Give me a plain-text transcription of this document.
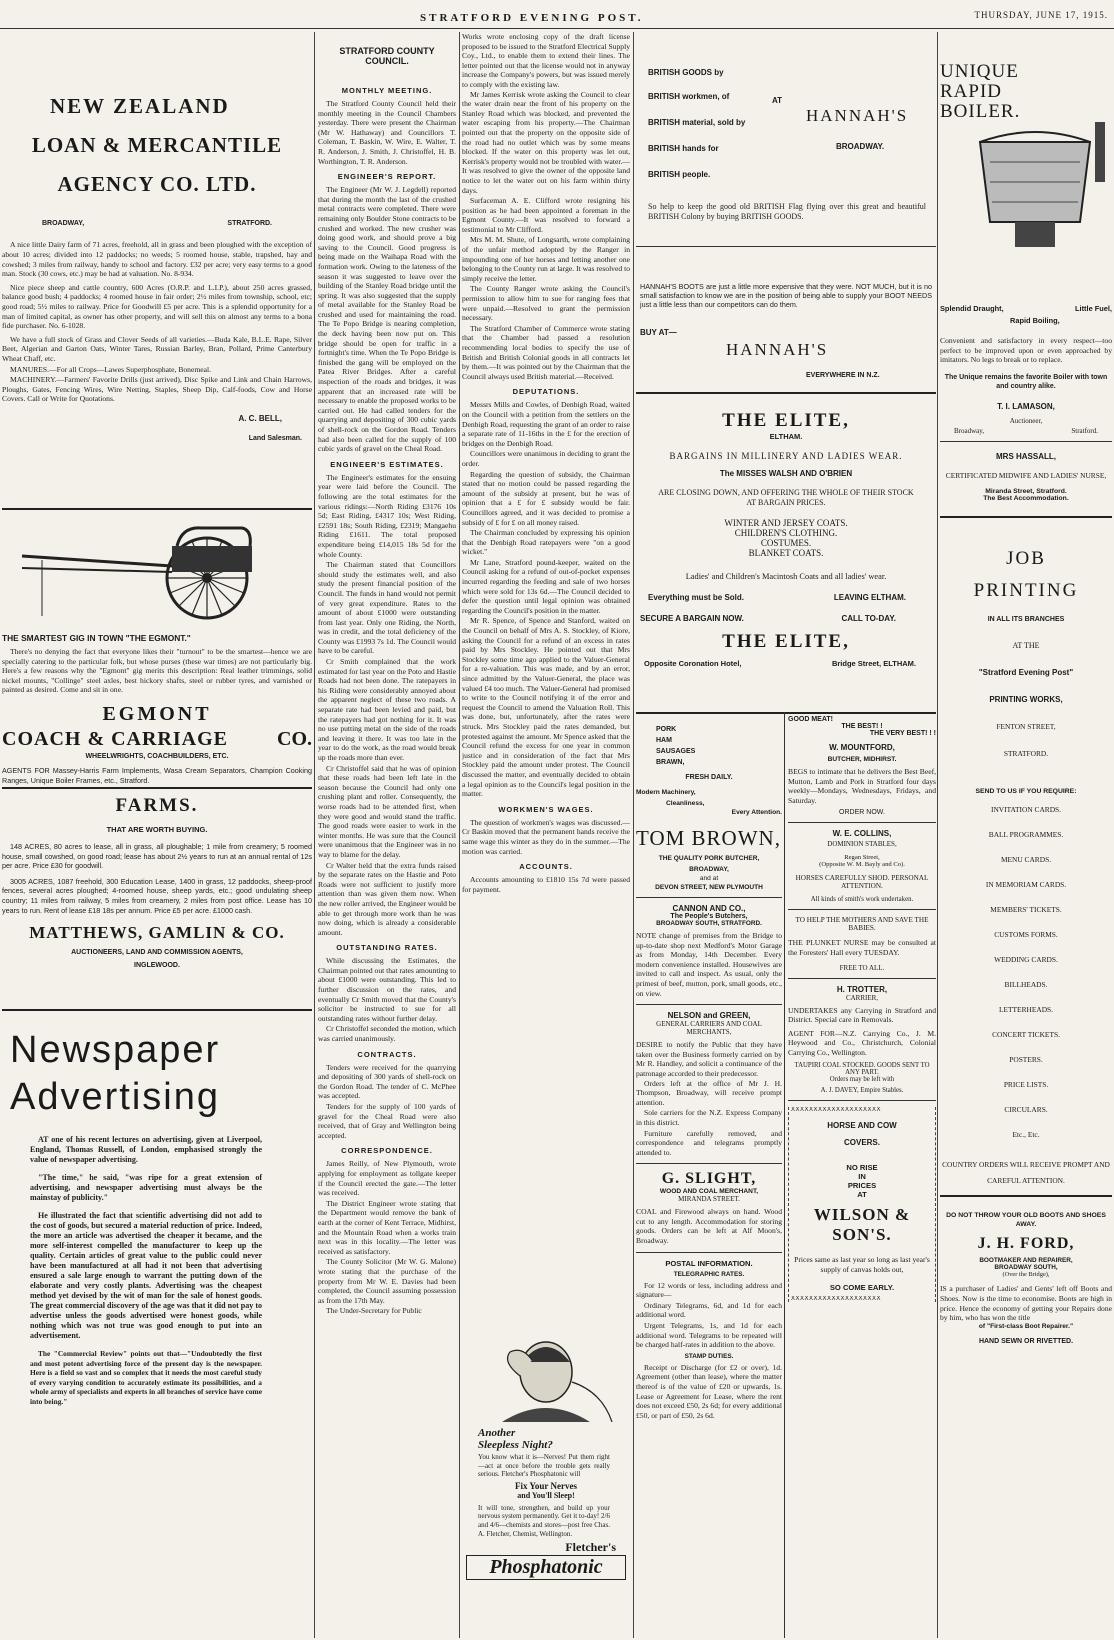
STRATFORD EVENING POST.	THURSDAY, JUNE 17, 1915.
NEW ZEALAND
LOAN & MERCANTILE
AGENCY CO. LTD.
BROADWAY,	STRATFORD.

A nice little Dairy farm of 71 acres, freehold, all in grass and been ploughed with the exception of about 10 acres; divided into 12 paddocks; no weeds; 5 roomed house, stable, trapshed, hay and cowshed; 3 miles from railway, handy to school and factory. £32 per acre; very easy terms to a good man. Stock (30 cows, etc.) may be had at valuation. No. 8-934.

Nice piece sheep and cattle country, 600 Acres (O.R.P. and L.I.P.), about 250 acres grassed, balance good bush; 4 paddocks; 4 roomed house in fair order; 2½ miles from township, school, etc; good road; 5½ miles to railway. Price for Goodwill £5 per acre. This is a splendid opportunity for a man of limited capital, as owner has other property, and will sell this on almost any terms to a bona fide purchaser. No. 6-1028.

We have a full stock of Grass and Clover Seeds of all varieties.—Buda Kale, B.L.E. Rape, Silver Beet, Algerian and Garton Oats, Winter Tares, Russian Barley, Bran, Pollard, Prime Canterbury Wheat Chaff, etc.

MANURES.—For all Crops—Lawes Superphosphate, Bonemeal.

MACHINERY.—Farmers' Favorite Drills (just arrived), Disc Spike and Link and Chain Harrows, Ploughs, Gates, Fencing Wires, Wire Netting, Staples, Sheep Dip, Calf-foods, Cow and Horse Covers. Call or Write for Quotations.

A. C. BELL,
Land Salesman.
THE SMARTEST GIG IN TOWN "THE EGMONT."

There's no denying the fact that everyone likes their "turnout" to be the smartest—hence we are specially catering to the particular folk, but whose purses (these war times) are not particularly big. Here's a few reasons why the "Egmont" gig merits this description: Real leather trimmings, solid nickel mounts, "Collinge" steel axles, best hickory shafts, steel or rubber tyres, and varnished or painted as desired. Come and sit in one.

EGMONT
COACH & CARRIAGE CO.
WHEELWRIGHTS, COACHBUILDERS, ETC.

AGENTS FOR Massey-Harris Farm Implements, Wasa Cream Separators, Champion Cooking Ranges, Unique Boiler Frames, etc., Stratford.

FARMS.
THAT ARE WORTH BUYING.

148 ACRES, 80 acres to lease, all in grass, all ploughable; 1 mile from creamery; 5 roomed house, small cowshed, on good road; lease has about 2½ years to run at an annual rental of 12s per acre. Price £30 for goodwill.

3005 ACRES, 1087 freehold, 300 Education Lease, 1400 in grass, 12 paddocks, sheep-proof fences, several acres ploughed; 4-roomed house, sheep yards, etc.; good undulating sheep country; 11 miles from railway, 5 miles from creamery, 2 miles from post office. Lease has 10 years to run. Rent of lease £18 18s per annum. Price £5 per acre. £1000 cash.

MATTHEWS, GAMLIN & CO.
AUCTIONEERS, LAND AND COMMISSION AGENTS,
INGLEWOOD.
Newspaper
Advertising

AT one of his recent lectures on advertising, given at Liverpool, England, Thomas Russell, of London, emphasised strongly the value of newspaper advertising.

"The time," he said, "was ripe for a great extension of advertising, and newspaper advertising must always be the mainstay of publicity."

He illustrated the fact that scientific advertising did not add to the cost of goods, but secured a material reduction of price. Indeed, the more an article was advertised the cheaper it became, and the more self-interest compelled the manufacturer to keep up the quality. Certain articles of great value to the public could never have been manufactured at all had it not been that advertising ensured a sale large enough to warrant the putting down of the elaborate and very costly plants. Advertising was the cheapest method yet devised by the wit of man for the sale of honest goods. The great commercial discovery of the age was that it did not pay to advertise unless the goods advertised were honest goods, while nothing which was not true was good enough to put into an advertisement.

The "Commercial Review" points out that—"Undoubtedly the first and most potent advertising force of the present day is the newspaper. Here is a field so vast and so complex that it needs the most careful study of every varying condition to accurately estimate its possibilities, and a whole army of specialists and experts in all branches of service have come into being."

STRATFORD COUNTY
COUNCIL.
MONTHLY MEETING.

The Stratford County Council held their monthly meeting in the Council Chambers yesterday. There were present the Chairman (Mr W. Hathaway) and Councillors T. Coleman, T. Baskin, W. Wire, E. Walter, T. R. Anderson, J. Smith, J. Christoffel, H. B. Worthington, T. R. Anderson.

ENGINEER'S REPORT.

The Engineer (Mr W. J. Legdell) reported that during the month the last of the crushed metal contracts were completed. There were remaining only Boulder Stone contracts to be crushed and worked. The new crusher was doing good work, and should prove a big saving to the Council. Good progress is being made on the Waihapa Road with the formation work. Owing to the lateness of the season it was suggested to leave over the building of the Stanley Road bridge until the spring. It was also suggested that the supply of metal available for the Stanley Road be crushed and used for maintaining the road. The Te Popo Bridge is nearing completion, the deck having been now put on. This bridge should be open for traffic in a fortnight's time. When the Te Popo Bridge is finished the gang will be employed on the Patea River Bridges. After a careful inspection of the roads and bridges, it was apparent that an increased rate will be necessary to enable the proposed works to be carried out. He had called tenders for the quarrying and depositing of 300 cubic yards of shell-rock on the Gordon Road. Tenders had also been called for the supply of 100 cubic yards of gravel on the Cheal Road.

ENGINEER'S ESTIMATES.

The Engineer's estimates for the ensuing year were laid before the Council. The following are the total estimates for the various ridings:—North Riding £3176 10s 5d; East Riding, £4317 10s; West Riding, £2591 18s; South Riding, £2319; Mangaehu Riding £1611. The total proposed expenditure being £14,015 18s 5d for the whole County.

The Chairman stated that Councillors should study the estimates well, and also study the present financial position of the Council. The funds in hand would not permit of very great expenditure. Rates to the amount of about £1000 were outstanding from last year. Only one Riding, the North, was in credit, and the total deficiency of the County was £1993 7s 1d. The Council would have to be careful.

Cr Smith complained that the work estimated for last year on the Poto and Hastie Roads had not been done. The ratepayers in his Riding were considerably annoyed about the apparent neglect of these two roads. A separate rate had been levied and paid, but the ratepayers had got nothing for it. It was no use putting metal on the side of the roads and leaving it there. It was too late in the year to do the work, as the road would break up the roads more than ever.

Cr Christoffel said that he was of opinion that these roads had been left late in the season because the Council had only one crushing plant and roller. Consequently, the worse roads had to be attended first, when they were good and would stand the traffic. The good roads were easier to work in the winter months. He was sure that the Council were unanimous that the Engineer was in no way to blame for the delay.

Cr Walter held that the extra funds raised by the separate rates on the Hastie and Poto Roads were not sufficient to justify more attention than was given them now. When the new roller arrived, the Engineer would be able to get through more work than he was now doing, which is already a considerable amount.

OUTSTANDING RATES.

While discussing the Estimates, the Chairman pointed out that rates amounting to about £1000 were outstanding. This led to further discussion on the rates, and eventually Cr Smith moved that the County's solicitor be instructed to sue for all outstanding rates without further delay.

Cr Christoffel seconded the motion, which was carried unanimously.

CONTRACTS.

Tenders were received for the quarrying and depositing of 300 yards of shell-rock on the Gordon Road. The tender of C. McPhee was accepted.

Tenders for the supply of 100 yards of gravel for the Cheal Road were also received, that of Gray and Wellington being accepted.

CORRESPONDENCE.

James Reilly, of New Plymouth, wrote applying for employment as tollgate keeper if the Council erected the gate.—The letter was received.

The District Engineer wrote stating that the Department would remove the bank of earth at the corner of Kent Terrace, Midhirst, and the Mountain Road when a works train next was in this locality.—The letter was received as satisfactory.

The County Solicitor (Mr W. G. Malone) wrote stating that the purchase of the property from Mr W. E. Davies had been completed, the Council assuming possession as from the 17th May.

The Under-Secretary for Public

Works wrote enclosing copy of the draft license proposed to be issued to the Stratford Electrical Supply Coy., Ltd., to enable them to extend their lines. The letter pointed out that the license would not in anyway increase the Company's powers, but was issued merely to comply with the existing law.

Mr James Kerrisk wrote asking the Council to clear the water drain near the front of his property on the Stanley Road which was blocked, and prevented the water escaping from his property.—The Chairman pointed out that the property on the opposite side of the road had no outlet which was by some means blocked. If the water on this property was let out, Kerrisk's property would not be troubled with water.—It was resolved to give the owner of the opposite land notice to let the water out on his farm within thirty days.

Surfaceman A. E. Clifford wrote resigning his position as he had been appointed a foreman in the Egmont County.—It was resolved to forward a testimonial to Mr Clifford.

Mrs M. M. Shute, of Longsarth, wrote complaining of the unfair method adopted by the Ranger in impounding one of her horses and letting another one belonging to the County run at large. It was resolved to simply receive the letter.

The County Ranger wrote asking the Council's permission to allow him to sue for ranging fees that were unpaid.—Resolved to grant the permission necessary.

The Stratford Chamber of Commerce wrote stating that the Chamber had passed a resolution recommending local bodies to specify the use of British and British Colonial goods in all contracts let by them.—It was pointed out by the Chairman that the Council always used British material.—Received.

DEPUTATIONS.

Messrs Mills and Cowles, of Denbigh Road, waited on the Council with a petition from the settlers on the Denbigh Road, requesting the grant of an order to raise a separate rate of 11-16ths in the £ for the erection of bridges on the Denbigh Road.

Councillors were unanimous in deciding to grant the order.

Regarding the question of subsidy, the Chairman stated that no motion could be passed regarding the amount of the subsidy at present, but he was of opinion that a £ for £ subsidy would be fair. Councillors agreed, and it was decided to promise a subsidy of £ for £ on all money raised.

The Chairman concluded by expressing his opinion that the Denbigh Road ratepayers were "on a good wicket."

Mr Lane, Stratford pound-keeper, waited on the Council asking for a refund of out-of-pocket expenses incurred regarding the feeding and sale of two horses which were sold for 13s 6d.—The Council decided to defer the question until legal opinion was obtained regarding the Council's position in the matter.

Mr R. Spence, of Spence and Stanford, waited on the Council on behalf of Mrs A. S. Stockley, of Kiore, asking the Council for a refund of an excess in rates paid by Mrs Stockley. He pointed out that Mrs Stockley some time ago applied to the Valuer-General for a re-valuation. This was made, and by an error, since admitted by the Valuer-General, the place was valued £4 too much. The Valuer-General had promised to write to the Council notifying it of the error and request the Council to amend the Valuation Roll. This was done, but, unfortunately, after the rates were struck. Mrs Stockley paid the rates demanded, but protested against the amount. Mr Spence asked that the Council refund the excess for one year in common justice and in consideration of the fact that Mrs Stockley paid the amount under protest. The Council discussed the matter, and eventually decided to obtain a legal opinion as to the Council's legal position in the matter.

WORKMEN'S WAGES.

The question of workmen's wages was discussed.—Cr Baskin moved that the permanent hands receive the same wage this winter as they do in the summer.—The motion was carried.

ACCOUNTS.

Accounts amounting to £1810 15s 7d were passed for payment.

Another
Sleepless Night?

You know what it is—Nerves! Put them right—act at once before the trouble gets really serious. Fletcher's Phosphatonic will

Fix Your Nerves
and You'll Sleep!

It will tone, strengthen, and build up your nervous system permanently. Get it to-day! 2/6 and 4/6—chemists and stores—post free Chas. A. Fletcher, Chemist, Wellington.

Fletcher's
Phosphatonic
BRITISH GOODS by
BRITISH workmen, of	AT
HANNAH'S
BRITISH material, sold by
BROADWAY.
BRITISH hands for
BRITISH people.

So help to keep the good old BRITISH Flag flying over this great and beautiful BRITISH Colony by buying BRITISH GOODS.

HANNAH'S BOOTS are just a little more expensive that they were. NOT MUCH, but it is no small satisfaction to know we are in the position of being able to supply your BOOT NEEDS just a little less than our competitors can do them.

BUY AT—
HANNAH'S
EVERYWHERE IN N.Z.
THE ELITE,
ELTHAM.
BARGAINS IN MILLINERY AND LADIES WEAR.
The MISSES WALSH AND O'BRIEN
ARE CLOSING DOWN, AND OFFERING THE WHOLE OF THEIR STOCK AT BARGAIN PRICES.
WINTER AND JERSEY COATS.
CHILDREN'S CLOTHING.
COSTUMES.
BLANKET COATS.
Ladies' and Children's Macintosh Coats and all ladies' wear.
Everything must be Sold.	LEAVING ELTHAM.
SECURE A BARGAIN NOW.	CALL TO-DAY.
THE ELITE,
Opposite Coronation Hotel,	Bridge Street, ELTHAM.
PORK
HAM
SAUSAGES
BRAWN,
FRESH DAILY.
Modern Machinery,
Cleanliness,
Every Attention.
TOM BROWN,
THE QUALITY PORK BUTCHER,
BROADWAY,
and at
DEVON STREET, NEW PLYMOUTH
CANNON AND CO.,
The People's Butchers,
BROADWAY SOUTH, STRATFORD.

NOTE change of premises from the Bridge to up-to-date shop next Medford's Motor Garage as from Monday, 14th December. Every modern convenience installed. Housewives are invited to call and inspect. As usual, only the primest of beef, mutton, pork, small goods, etc., on view.

NELSON and GREEN,
GENERAL CARRIERS AND COAL MERCHANTS,

DESIRE to notify the Public that they have taken over the Business formerly carried on by Mr R. Handley, and solicit a continuance of the patronage accorded to their predecessor.

Orders left at the office of Mr J. H. Thompson, Broadway, will receive prompt attention.

Sole carriers for the N.Z. Express Company in this district.

Furniture carefully removed, and correspondence and telegrams promptly attended to.

G. SLIGHT,
WOOD AND COAL MERCHANT,
MIRANDA STREET.

COAL and Firewood always on hand. Wood cut to any length. Accommodation for storing goods. Orders can be left at Alf Moon's, Broadway.

POSTAL INFORMATION.
TELEGRAPHIC RATES.

For 12 words or less, including address and signature—

Ordinary Telegrams, 6d, and 1d for each additional word.

Urgent Telegrams, 1s, and 1d for each additional word. Telegrams to be repeated will be charged half-rates in addition to the above.

STAMP DUTIES.

Receipt or Discharge (for £2 or over), 1d. Agreement (other than lease), where the matter thereof is of the value of £20 or upwards, 1s. Lease or Agreement for Lease, where the rent does not exceed £50, 2s 6d; for every additional £50, or part of £50, 2s 6d.

GOOD MEAT!
THE BEST! !
THE VERY BEST! ! !
W. MOUNTFORD,
BUTCHER, MIDHIRST.

BEGS to intimate that he delivers the Best Beef, Mutton, Lamb and Pork in Stratford four days weekly—Mondays, Wednesdays, Fridays, and Saturday.

ORDER NOW.
W. E. COLLINS,
DOMINION STABLES,
Regan Street,
(Opposite W. M. Bayly and Co).
HORSES CAREFULLY SHOD. PERSONAL ATTENTION.
All kinds of smith's work undertaken.
TO HELP THE MOTHERS AND SAVE THE BABIES.

THE PLUNKET NURSE may be consulted at the Foresters' Hall every TUESDAY.

FREE TO ALL.
H. TROTTER,
CARRIER,

UNDERTAKES any Carrying in Stratford and District. Special care in Removals.

AGENT FOR—N.Z. Carrying Co., J. M. Heywood and Co., Christchurch, Colonial Carrying Co., Wellington.

TAUPIRI COAL STOCKED. GOODS SENT TO ANY PART.
Orders may be left with
A. J. DAVEY, Empire Stables.
XXXXXXXXXXXXXXXXXXXX
HORSE AND COW
COVERS.
NO RISE
IN
PRICES
AT
WILSON &
SON'S.
Prices same as last year so long as last year's supply of canvas holds out,
SO COME EARLY.
XXXXXXXXXXXXXXXXXXXX
UNIQUE
RAPID
BOILER.
Splendid Draught,	Little Fuel,
Rapid Boiling,

Convenient and satisfactory in every respect—too perfect to be improved upon or even approached by imitators. No legs to break or to replace.

The Unique remains the favorite Boiler with town and country alike.

T. I. LAMASON,
Auctioneer,
Broadway,	Stratford.
MRS HASSALL,
CERTIFICATED MIDWIFE AND LADIES' NURSE,
Miranda Street, Stratford.
The Best Accommodation.
JOB
PRINTING
IN ALL ITS BRANCHES
AT THE
"Stratford Evening Post"
PRINTING WORKS,
FENTON STREET,
STRATFORD.
SEND TO US IF YOU REQUIRE:
INVITATION CARDS.
BALL PROGRAMMES.
MENU CARDS.
IN MEMORIAM CARDS.
MEMBERS' TICKETS.
CUSTOMS FORMS.
WEDDING CARDS.
BILLHEADS.
LETTERHEADS.
CONCERT TICKETS.
POSTERS.
PRICE LISTS.
CIRCULARS.
Etc., Etc.
COUNTRY ORDERS WILL RECEIVE PROMPT AND CAREFUL ATTENTION.
DO NOT THROW YOUR OLD BOOTS AND SHOES AWAY.
J. H. FORD,
BOOTMAKER AND REPAIRER,
BROADWAY SOUTH,
(Over the Bridge),

IS a purchaser of Ladies' and Gents' left off Boots and Shoes. Now is the time to economise. Boots are high in price. Hence the economy of getting your Repairs done by him, who has won the title

of "First-class Boot Repairer."
HAND SEWN OR RIVETTED.
